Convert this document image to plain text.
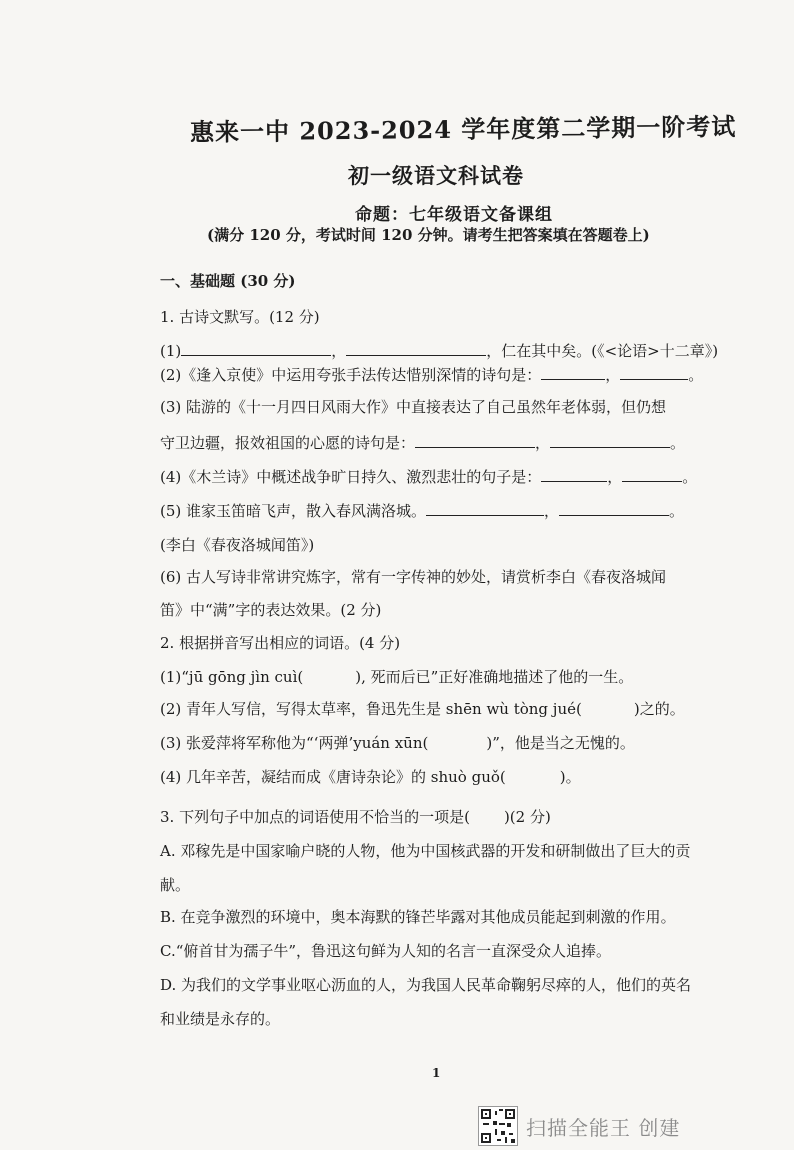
惠来一中 2023-2024 学年度第二学期一阶考试
初一级语文科试卷
命题：七年级语文备课组
(满分 120 分，考试时间 120 分钟。请考生把答案填在答题卷上)
一、基础题 (30 分)
1. 古诗文默写。(12 分)
(1)	，	，仁在其中矣。(《<论语>十二章》)
(2)《逢入京使》中运用夸张手法传达惜别深情的诗句是：	，	。
(3) 陆游的《十一月四日风雨大作》中直接表达了自己虽然年老体弱，但仍想
守卫边疆，报效祖国的心愿的诗句是：	，	。
(4)《木兰诗》中概述战争旷日持久、激烈悲壮的句子是：	，	。
(5) 谁家玉笛暗飞声，散入春风满洛城。	，	。
(李白《春夜洛城闻笛》)
(6) 古人写诗非常讲究炼字，常有一字传神的妙处，请赏析李白《春夜洛城闻
笛》中“满”字的表达效果。(2 分)
2. 根据拼音写出相应的词语。(4 分)
(1)“jū gōng jìn cuì(	), 死而后已”正好准确地描述了他的一生。
(2) 青年人写信，写得太草率，鲁迅先生是 shēn wù tòng jué(	)之的。
(3) 张爱萍将军称他为“‘两弹’yuán xūn(	)”，他是当之无愧的。
(4) 几年辛苦，凝结而成《唐诗杂论》的 shuò guǒ(	)。
3. 下列句子中加点的词语使用不恰当的一项是( )(2 分)
A. 邓稼先是中国家喻户晓的人物，他为中国核武器的开发和研制做出了巨大的贡
献。
B. 在竞争激烈的环境中，奥本海默的锋芒毕露对其他成员能起到刺激的作用。
C.“俯首甘为孺子牛”，鲁迅这句鲜为人知的名言一直深受众人追捧。
D. 为我们的文学事业呕心沥血的人，为我国人民革命鞠躬尽瘁的人，他们的英名
和业绩是永存的。
1
扫描全能王 创建
